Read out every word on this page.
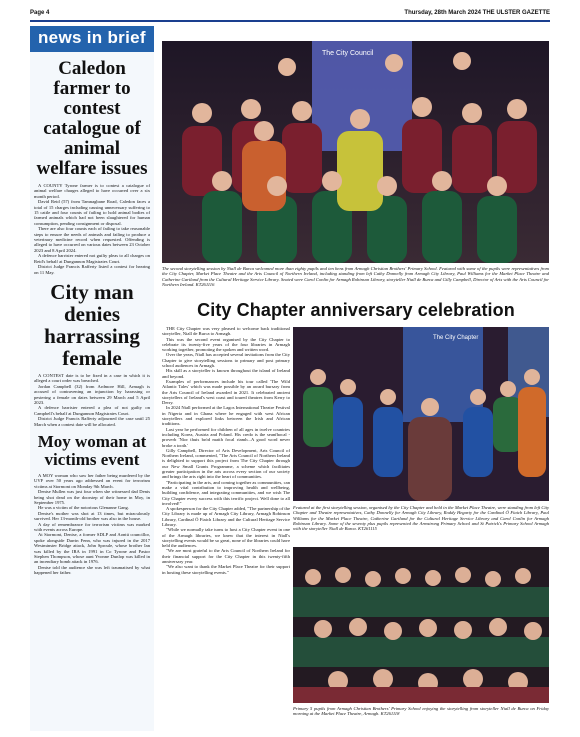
Page 4	Thursday, 28th March 2024 THE ULSTER GAZETTE
news in brief
Caledon farmer to contest catalogue of animal welfare issues

A COUNTY Tyrone farmer is to contest a catalogue of animal welfare charges alleged to have occurred over a six month period.

David Reid (57) from Tamnagbane Road, Caledon faces a total of 15 charges including causing unnecessary suffering to 15 cattle and four counts of failing to hold animal bodies of farmed animals which had not been slaughtered for human consumption, pending consignment or disposal.

There are also four counts each of failing to take reasonable steps to ensure the needs of animals and failing to produce a veterinary medicine record when requested. Offending is alleged to have occurred on various dates between 23 October 2023 and 8 April 2024.

A defence barrister entered not guilty pleas to all charges on Reid's behalf at Dungannon Magistrates Court.

District Judge Francis Rafferty listed a contest for hearing on 11 May.

City man denies harrassing female

A CONTEST date is to be fixed in a case in which it is alleged a court order was breached.

Jordan Campbell (32) from Ardmore Hill, Armagh is accused of contravening an injunction by harassing or pestering a female on dates between 29 March and 5 April 2023.

A defence barrister entered a plea of not guilty on Campbell's behalf at Dungannon Magistrates Court.

District Judge Francis Rafferty adjourned the case until 25 March when a contest date will be allocated.

Moy woman at victims event

A MOY woman who saw her father being murdered by the UVF over 50 years ago addressed an event for terrorism victims at Stormont on Monday 9th March.

Denise Mullen was just four when she witnessed dad Denis being shot dead on the doorstep of their home in Moy, in September 1975.

He was a victim of the notorious Glenanne Gang.

Denise's mother was shot at 13 times, but miraculously survived. Her 13-month-old brother was also in the house.

A day of remembrance for terrorism victims was marked with events across Europe.

At Stormont, Denise, a former SDLP and Aontú councillor, spoke alongside Darrin Fenn, who was injured in the 2017 Westminster Bridge attack, John Sproule, whose brother Ian was killed by the IRA in 1991 in Co Tyrone and Pastor Stephen Thompson, whose aunt Yvonne Dunlop was killed in an incendiary bomb attack in 1976.

Denise told the audience she was left traumatised by what happened her father.

The City Council
The second storytelling session by Niall de Burca welcomed more than eighty pupils and ten hens from Armagh Christian Brothers' Primary School. Featured with some of the pupils were representatives from the City Chapter, Market Place Theatre and the Arts Council of Northern Ireland, including standing from left Cathy Donnelly from Armagh City Library, Paul Williams for the Market Place Theatre and Catherine Gartland from the Cultural Heritage Service Library. Seated were Carol Conlin for Armagh Robinson Library, storyteller Niall de Burca and Gilly Campbell, Director of Arts with the Arts Council for Northern Ireland. KT261116
City Chapter anniversary celebration

THE City Chapter was very pleased to welcome back traditional storyteller, Niall de Burca to Armagh.

This was the second event organised by the City Chapter to celebrate its twenty-five years of the four libraries in Armagh working together, promoting the spoken and written word.

Over the years, Niall has accepted several invitations from the City Chapter to give storytelling sessions to primary and post primary school audiences in Armagh.

His skill as a storyteller is known throughout the island of Ireland and beyond.

Examples of performances include his tour called 'The Wild Atlantic Tales' which was made possible by an award bursary from the Arts Council of Ireland awarded in 2021. It celebrated ancient storytellers of Ireland's west coast and toured theatres from Kerry to Derry.

In 2024 Niall performed at the Lagos International Theatre Festival in Nigeria and in Ghana where he engaged with west African storytellers and explored links between the Irish and African traditions.

Last year he performed for children of all ages in twelve countries including Korea, Austria and Poland. His credo is the seanfhocal - proverb 'Níor thuis bród maith focal riamh...A good word never broke a tooth.'

Gilly Campbell, Director of Arts Development, Arts Council of Northern Ireland, commented, "The Arts Council of Northern Ireland is delighted to support this project from The City Chapter through our New Small Grants Programme, a scheme which facilitates greater participation in the arts across every section of our society and brings the arts right into the heart of communities.

"Participating in the arts, and coming together as communities, can make a vital contribution to improving health and wellbeing, building confidence, and integrating communities, and we wish The City Chapter every success with this terrific project. Well done to all involved!"

A spokesperson for the City Chapter added, "The partnership of the City Library is made up of Armagh City Library, Armagh Robinson Library, Cardinal Ó Fiaich Library and the Cultural Heritage Service Library.

"While we normally take turns to host a City Chapter event in one of the Armagh libraries, we knew that the interest in Niall's storytelling events would be so great, none of the libraries could have held the audiences.

"We are most grateful to the Arts Council of Northern Ireland for their financial support for the City Chapter in this twenty-fifth anniversary year.

"We also want to thank the Market Place Theatre for their support in hosting these storytelling events."

The City Chapter
Featured at the first storytelling session, organised by the City Chapter and held in the Market Place Theatre, were standing from left City Chapter and Theatre representatives, Cathy Donnelly for Armagh City Library, Roddy Hegarty for the Cardinal Ó Fiaich Library, Paul Williams for the Market Place Theatre, Catherine Gartland for the Cultural Heritage Service Library and Carol Conlin for Armagh Robinson Library. Some of the seventy plus pupils represented the Armstrong Primary School and St Patrick's Primary School Armagh with the storyteller Niall de Burca. KT261115
Primary 5 pupils from Armagh Christian Brothers' Primary School enjoying the storytelling from storyteller Niall de Burca on Friday morning at the Market Place Theatre, Armagh. KT261118
